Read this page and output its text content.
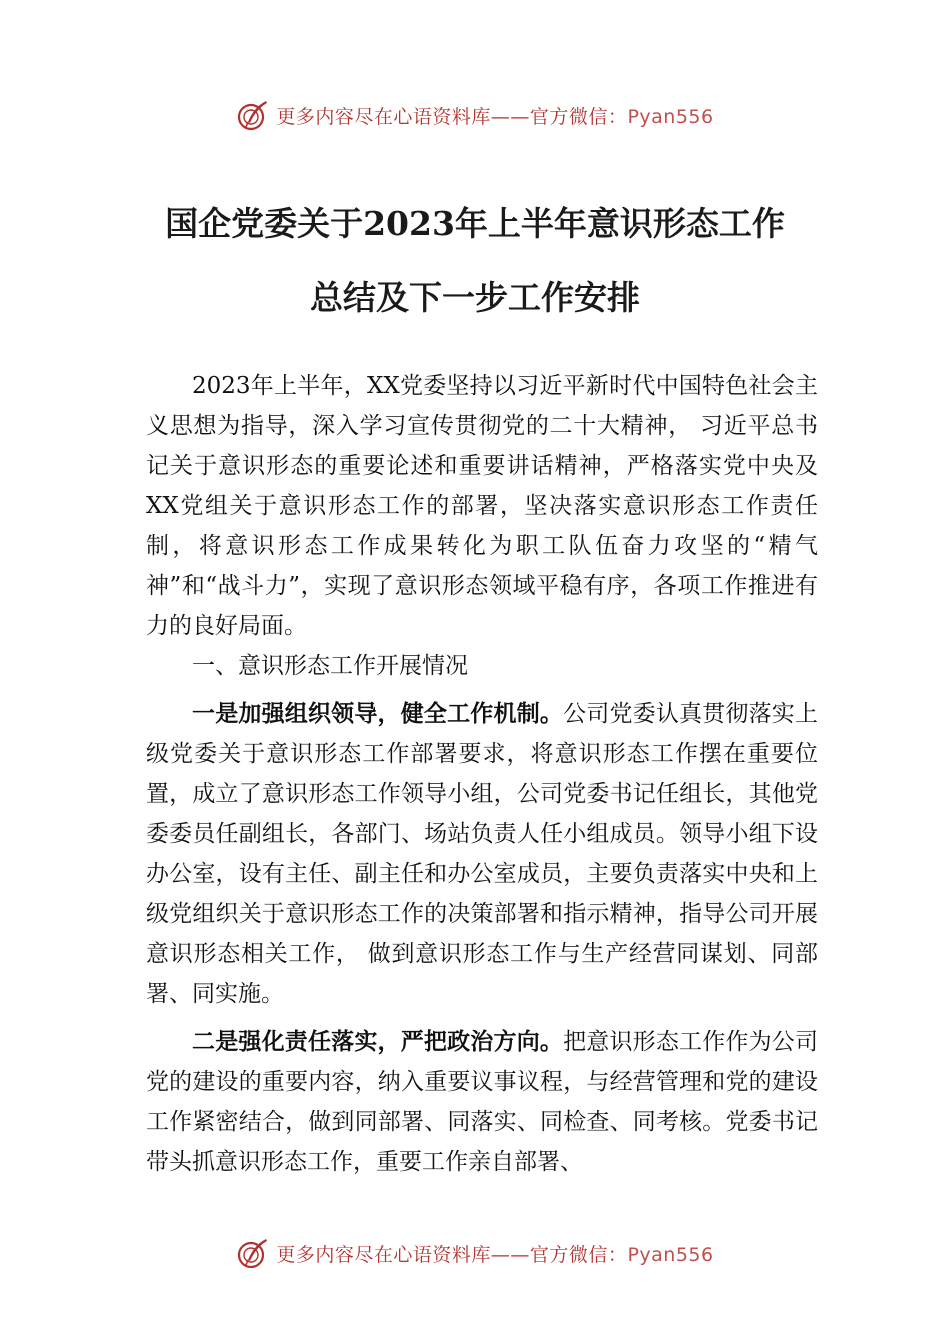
更多内容尽在心语资料库——官方微信：Pyan556
国企党委关于2023年上半年意识形态工作
总结及下一步工作安排

2023年上半年，XX党委坚持以习近平新时代中国特色社会主义思想为指导，深入学习宣传贯彻党的二十大精神， 习近平总书记关于意识形态的重要论述和重要讲话精神，严格落实党中央及 XX党组关于意识形态工作的部署，坚决落实意识形态工作责任制，将意识形态工作成果转化为职工队伍奋力攻坚的“精气神”和“战斗力”，实现了意识形态领域平稳有序，各项工作推进有力的良好局面。

一、意识形态工作开展情况

一是加强组织领导，健全工作机制。公司党委认真贯彻落实上级党委关于意识形态工作部署要求，将意识形态工作摆在重要位置，成立了意识形态工作领导小组，公司党委书记任组长，其他党委委员任副组长，各部门、场站负责人任小组成员。领导小组下设办公室，设有主任、副主任和办公室成员，主要负责落实中央和上级党组织关于意识形态工作的决策部署和指示精神，指导公司开展意识形态相关工作， 做到意识形态工作与生产经营同谋划、同部署、同实施。

二是强化责任落实，严把政治方向。把意识形态工作作为公司党的建设的重要内容，纳入重要议事议程，与经营管理和党的建设工作紧密结合，做到同部署、同落实、同检查、同考核。党委书记带头抓意识形态工作，重要工作亲自部署、

更多内容尽在心语资料库——官方微信：Pyan556
